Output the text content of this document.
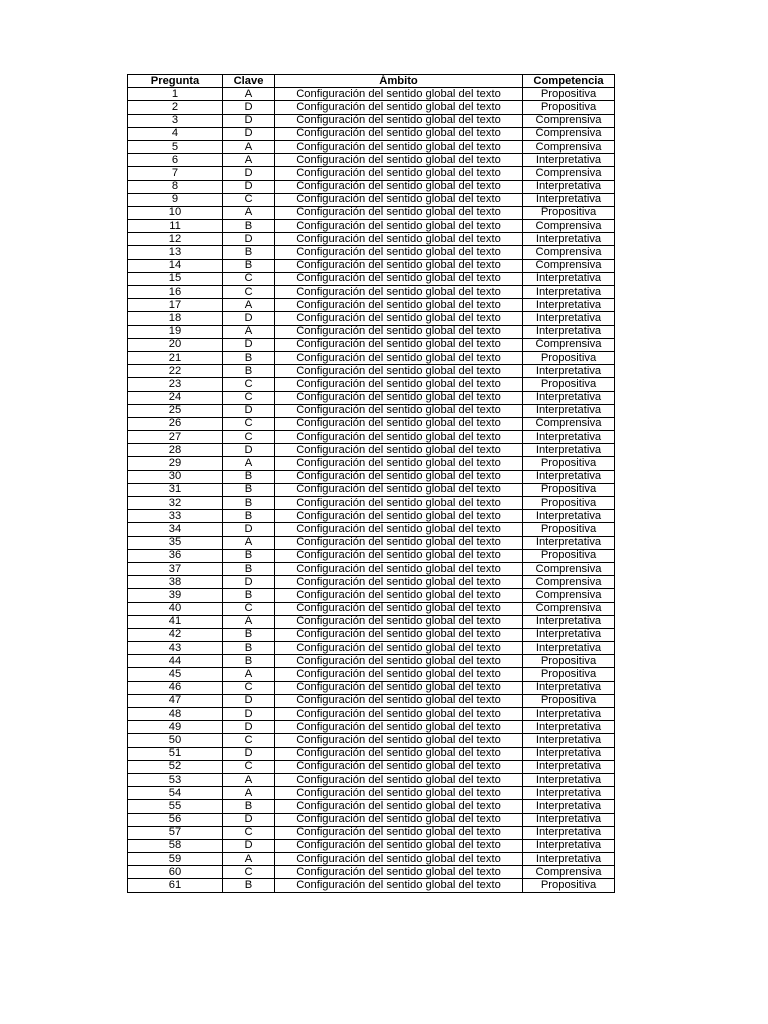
Pregunta	Clave	Ámbito	Competencia
1	A	Configuración del sentido global del texto	Propositiva
2	D	Configuración del sentido global del texto	Propositiva
3	D	Configuración del sentido global del texto	Comprensiva
4	D	Configuración del sentido global del texto	Comprensiva
5	A	Configuración del sentido global del texto	Comprensiva
6	A	Configuración del sentido global del texto	Interpretativa
7	D	Configuración del sentido global del texto	Comprensiva
8	D	Configuración del sentido global del texto	Interpretativa
9	C	Configuración del sentido global del texto	Interpretativa
10	A	Configuración del sentido global del texto	Propositiva
11	B	Configuración del sentido global del texto	Comprensiva
12	D	Configuración del sentido global del texto	Interpretativa
13	B	Configuración del sentido global del texto	Comprensiva
14	B	Configuración del sentido global del texto	Comprensiva
15	C	Configuración del sentido global del texto	Interpretativa
16	C	Configuración del sentido global del texto	Interpretativa
17	A	Configuración del sentido global del texto	Interpretativa
18	D	Configuración del sentido global del texto	Interpretativa
19	A	Configuración del sentido global del texto	Interpretativa
20	D	Configuración del sentido global del texto	Comprensiva
21	B	Configuración del sentido global del texto	Propositiva
22	B	Configuración del sentido global del texto	Interpretativa
23	C	Configuración del sentido global del texto	Propositiva
24	C	Configuración del sentido global del texto	Interpretativa
25	D	Configuración del sentido global del texto	Interpretativa
26	C	Configuración del sentido global del texto	Comprensiva
27	C	Configuración del sentido global del texto	Interpretativa
28	D	Configuración del sentido global del texto	Interpretativa
29	A	Configuración del sentido global del texto	Propositiva
30	B	Configuración del sentido global del texto	Interpretativa
31	B	Configuración del sentido global del texto	Propositiva
32	B	Configuración del sentido global del texto	Propositiva
33	B	Configuración del sentido global del texto	Interpretativa
34	D	Configuración del sentido global del texto	Propositiva
35	A	Configuración del sentido global del texto	Interpretativa
36	B	Configuración del sentido global del texto	Propositiva
37	B	Configuración del sentido global del texto	Comprensiva
38	D	Configuración del sentido global del texto	Comprensiva
39	B	Configuración del sentido global del texto	Comprensiva
40	C	Configuración del sentido global del texto	Comprensiva
41	A	Configuración del sentido global del texto	Interpretativa
42	B	Configuración del sentido global del texto	Interpretativa
43	B	Configuración del sentido global del texto	Interpretativa
44	B	Configuración del sentido global del texto	Propositiva
45	A	Configuración del sentido global del texto	Propositiva
46	C	Configuración del sentido global del texto	Interpretativa
47	D	Configuración del sentido global del texto	Propositiva
48	D	Configuración del sentido global del texto	Interpretativa
49	D	Configuración del sentido global del texto	Interpretativa
50	C	Configuración del sentido global del texto	Interpretativa
51	D	Configuración del sentido global del texto	Interpretativa
52	C	Configuración del sentido global del texto	Interpretativa
53	A	Configuración del sentido global del texto	Interpretativa
54	A	Configuración del sentido global del texto	Interpretativa
55	B	Configuración del sentido global del texto	Interpretativa
56	D	Configuración del sentido global del texto	Interpretativa
57	C	Configuración del sentido global del texto	Interpretativa
58	D	Configuración del sentido global del texto	Interpretativa
59	A	Configuración del sentido global del texto	Interpretativa
60	C	Configuración del sentido global del texto	Comprensiva
61	B	Configuración del sentido global del texto	Propositiva
